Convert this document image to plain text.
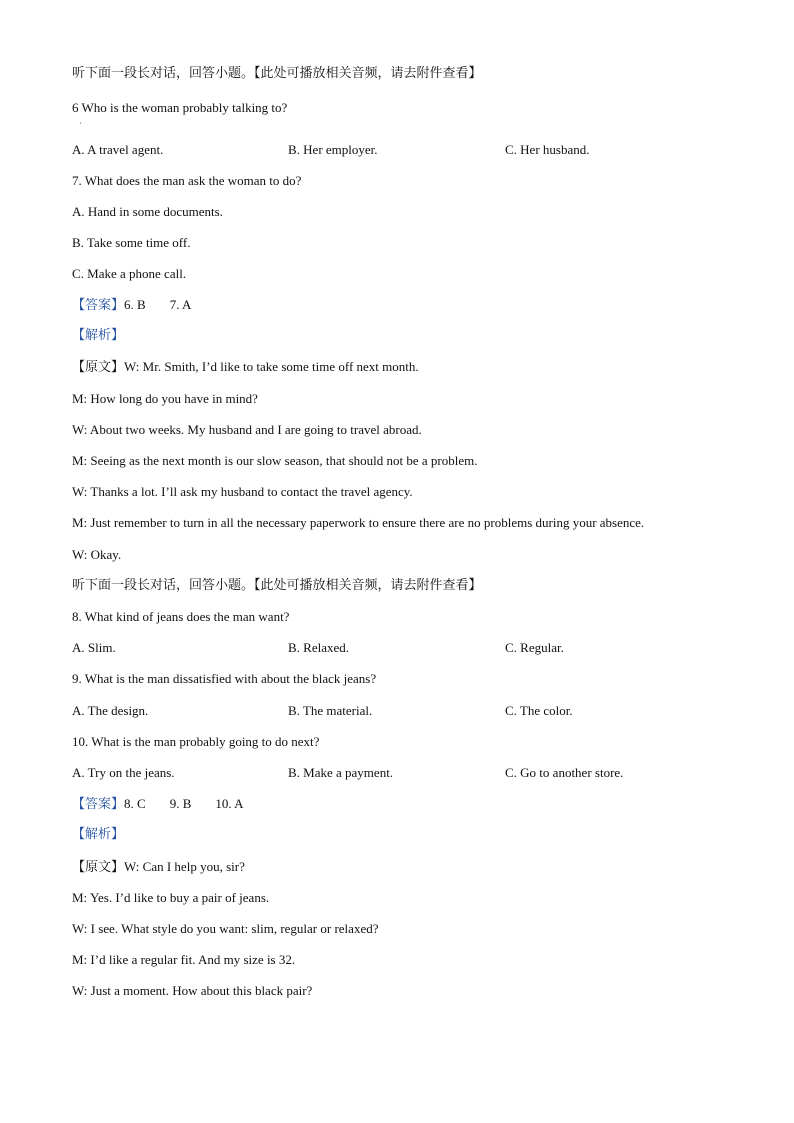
听下面一段长对话，回答小题。【此处可播放相关音频，请去附件查看】
6 Who is the woman probably talking to?
·
A. A travel agent.	B. Her employer.	C. Her husband.
7. What does the man ask the woman to do?
A. Hand in some documents.
B. Take some time off.
C. Make a phone call.
【答案】6. B 7. A
【解析】
【原文】W: Mr. Smith, I’d like to take some time off next month.
M: How long do you have in mind?
W: About two weeks. My husband and I are going to travel abroad.
M: Seeing as the next month is our slow season, that should not be a problem.
W: Thanks a lot. I’ll ask my husband to contact the travel agency.
M: Just remember to turn in all the necessary paperwork to ensure there are no problems during your absence.
W: Okay.
听下面一段长对话，回答小题。【此处可播放相关音频，请去附件查看】
8. What kind of jeans does the man want?
A. Slim.	B. Relaxed.	C. Regular.
9. What is the man dissatisfied with about the black jeans?
A. The design.	B. The material.	C. The color.
10. What is the man probably going to do next?
A. Try on the jeans.	B. Make a payment.	C. Go to another store.
【答案】8. C 9. B 10. A
【解析】
【原文】W: Can I help you, sir?
M: Yes. I’d like to buy a pair of jeans.
W: I see. What style do you want: slim, regular or relaxed?
M: I’d like a regular fit. And my size is 32.
W: Just a moment. How about this black pair?
